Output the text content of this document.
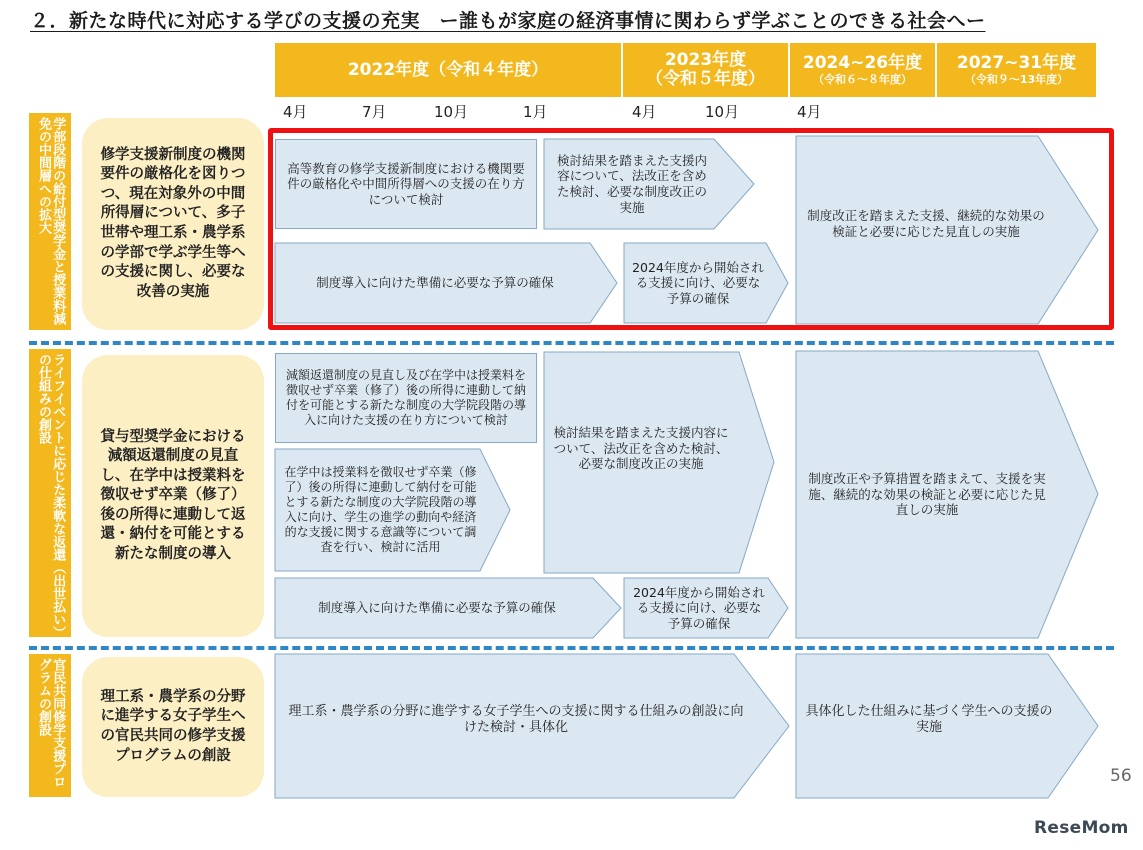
２．新たな時代に対応する学びの支援の充実　ー誰もが家庭の経済事情に関わらず学ぶことのできる社会へー
2022年度（令和４年度）	2023年度
（令和５年度）
2024~26年度
（令和６～８年度）
2027~31年度
（令和９～13年度）
4月	7月	10月	1月	4月	10月	4月
学部段階の給付型奨学金と授業料減免の中間層への拡大	修学支援新制度の機関要件の厳格化を図りつつ、現在対象外の中間所得層について、多子世帯や理工系・農学系の学部で学ぶ学生等への支援に関し、必要な改善の実施
高等教育の修学支援新制度における機関要件の厳格化や中間所得層への支援の在り方について検討
検討結果を踏まえた支援内容について、法改正を含めた検討、必要な制度改正の実施
制度導入に向けた準備に必要な予算の確保
2024年度から開始される支援に向け、必要な予算の確保
制度改正を踏まえた支援、継続的な効果の検証と必要に応じた見直しの実施
ライフイベントに応じた柔軟な返還（出世払い）の仕組みの創設	貸与型奨学金における減額返還制度の見直し、在学中は授業料を徴収せず卒業（修了）後の所得に連動して返還・納付を可能とする新たな制度の導入
減額返還制度の見直し及び在学中は授業料を徴収せず卒業（修了）後の所得に連動して納付を可能とする新たな制度の大学院段階の導入に向けた支援の在り方について検討
在学中は授業料を徴収せず卒業（修了）後の所得に連動して納付を可能とする新たな制度の大学院段階の導入に向け、学生の進学の動向や経済的な支援に関する意識等について調査を行い、検討に活用
検討結果を踏まえた支援内容について、法改正を含めた検討、必要な制度改正の実施
制度導入に向けた準備に必要な予算の確保
2024年度から開始される支援に向け、必要な予算の確保
制度改正や予算措置を踏まえて、支援を実施、継続的な効果の検証と必要に応じた見直しの実施
官民共同修学支援プログラムの創設	理工系・農学系の分野に進学する女子学生への官民共同の修学支援プログラムの創設
理工系・農学系の分野に進学する女子学生への支援に関する仕組みの創設に向けた検討・具体化
具体化した仕組みに基づく学生への支援の実施
56
ReseMom
